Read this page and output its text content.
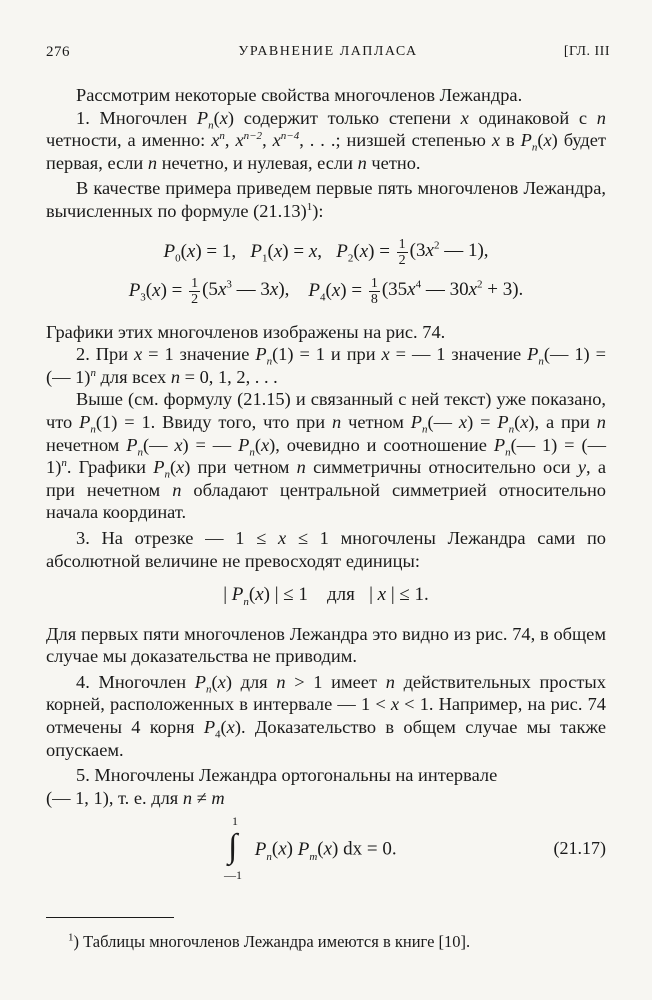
276	УРАВНЕНИЕ ЛАПЛАСА	[ГЛ. III

Рассмотрим некоторые свойства многочленов Лежандра.

1. Многочлен $P_n(x)$ содержит только степени x одинаковой с n четности, а именно: $x^n$, $x^{n-2}$, $x^{n-4}$, . . .; низшей степенью x в $P_n(x)$ будет первая, если n нечетно, и нулевая, если n четно.

В качестве примера приведем первые пять многочленов Лежандра, вычисленных по формуле $(21.13)^1$):

$P_0(x) = 1$, $P_1(x) = x$,   $P_2(x) = \frac{1}{2} (3x^2$ — 1),

$P_3(x) = \frac{1}{2} (5x^3$ — 3x), $P_4(x) = \frac{1}{8} (35x^4$ — $30x^2 + 3$).

Графики этих многочленов изображены на рис. 74.

2. При x = 1 значение $P_n(1) = 1$ и при x = — 1 значение $P_n(—$ 1) = (— 1)$^n$ для всех n = 0, 1, 2, . . .

Выше (см. формулу (21.15) и связанный с ней текст) уже показано, что $P_n(1) = 1$. Ввиду того, что при n четном $P_n(—$ $x) = P_n(x)$, а при n нечетном $P_n(—$ x) = — $P_n(x)$, очевидно и соотношение $P_n(—$ 1) = (— 1)$^n$. Графики $P_n(x)$ при четном n симметричны относительно оси y, а при нечетном n обладают центральной симметрией относительно начала координат.

3. На отрезке — 1 ≤ x ≤ 1 многочлены Лежандра сами по абсолютной величине не превосходят единицы:

| $P_n(x)$ | ≤ 1    для   | x | ≤ 1.

Для первых пяти многочленов Лежандра это видно из рис. 74, в общем случае мы доказательства не приводим.

4. Многочлен $P_n(x)$ для n > 1 имеет n действительных простых корней, расположенных в интервале — 1 < x < 1. Например, на рис. 74 отмечены 4 корня $P_4(x)$. Доказательство в общем случае мы также опускаем.

5. Многочлены Лежандра ортогональны на интервале

(— 1, 1), т. е. для n ≠ m

1
∫
—1
$P_n(x)$ $P_m(x)$ dx = 0.	(21.17)
$^1$) Таблицы многочленов Лежандра имеются в книге [10].
